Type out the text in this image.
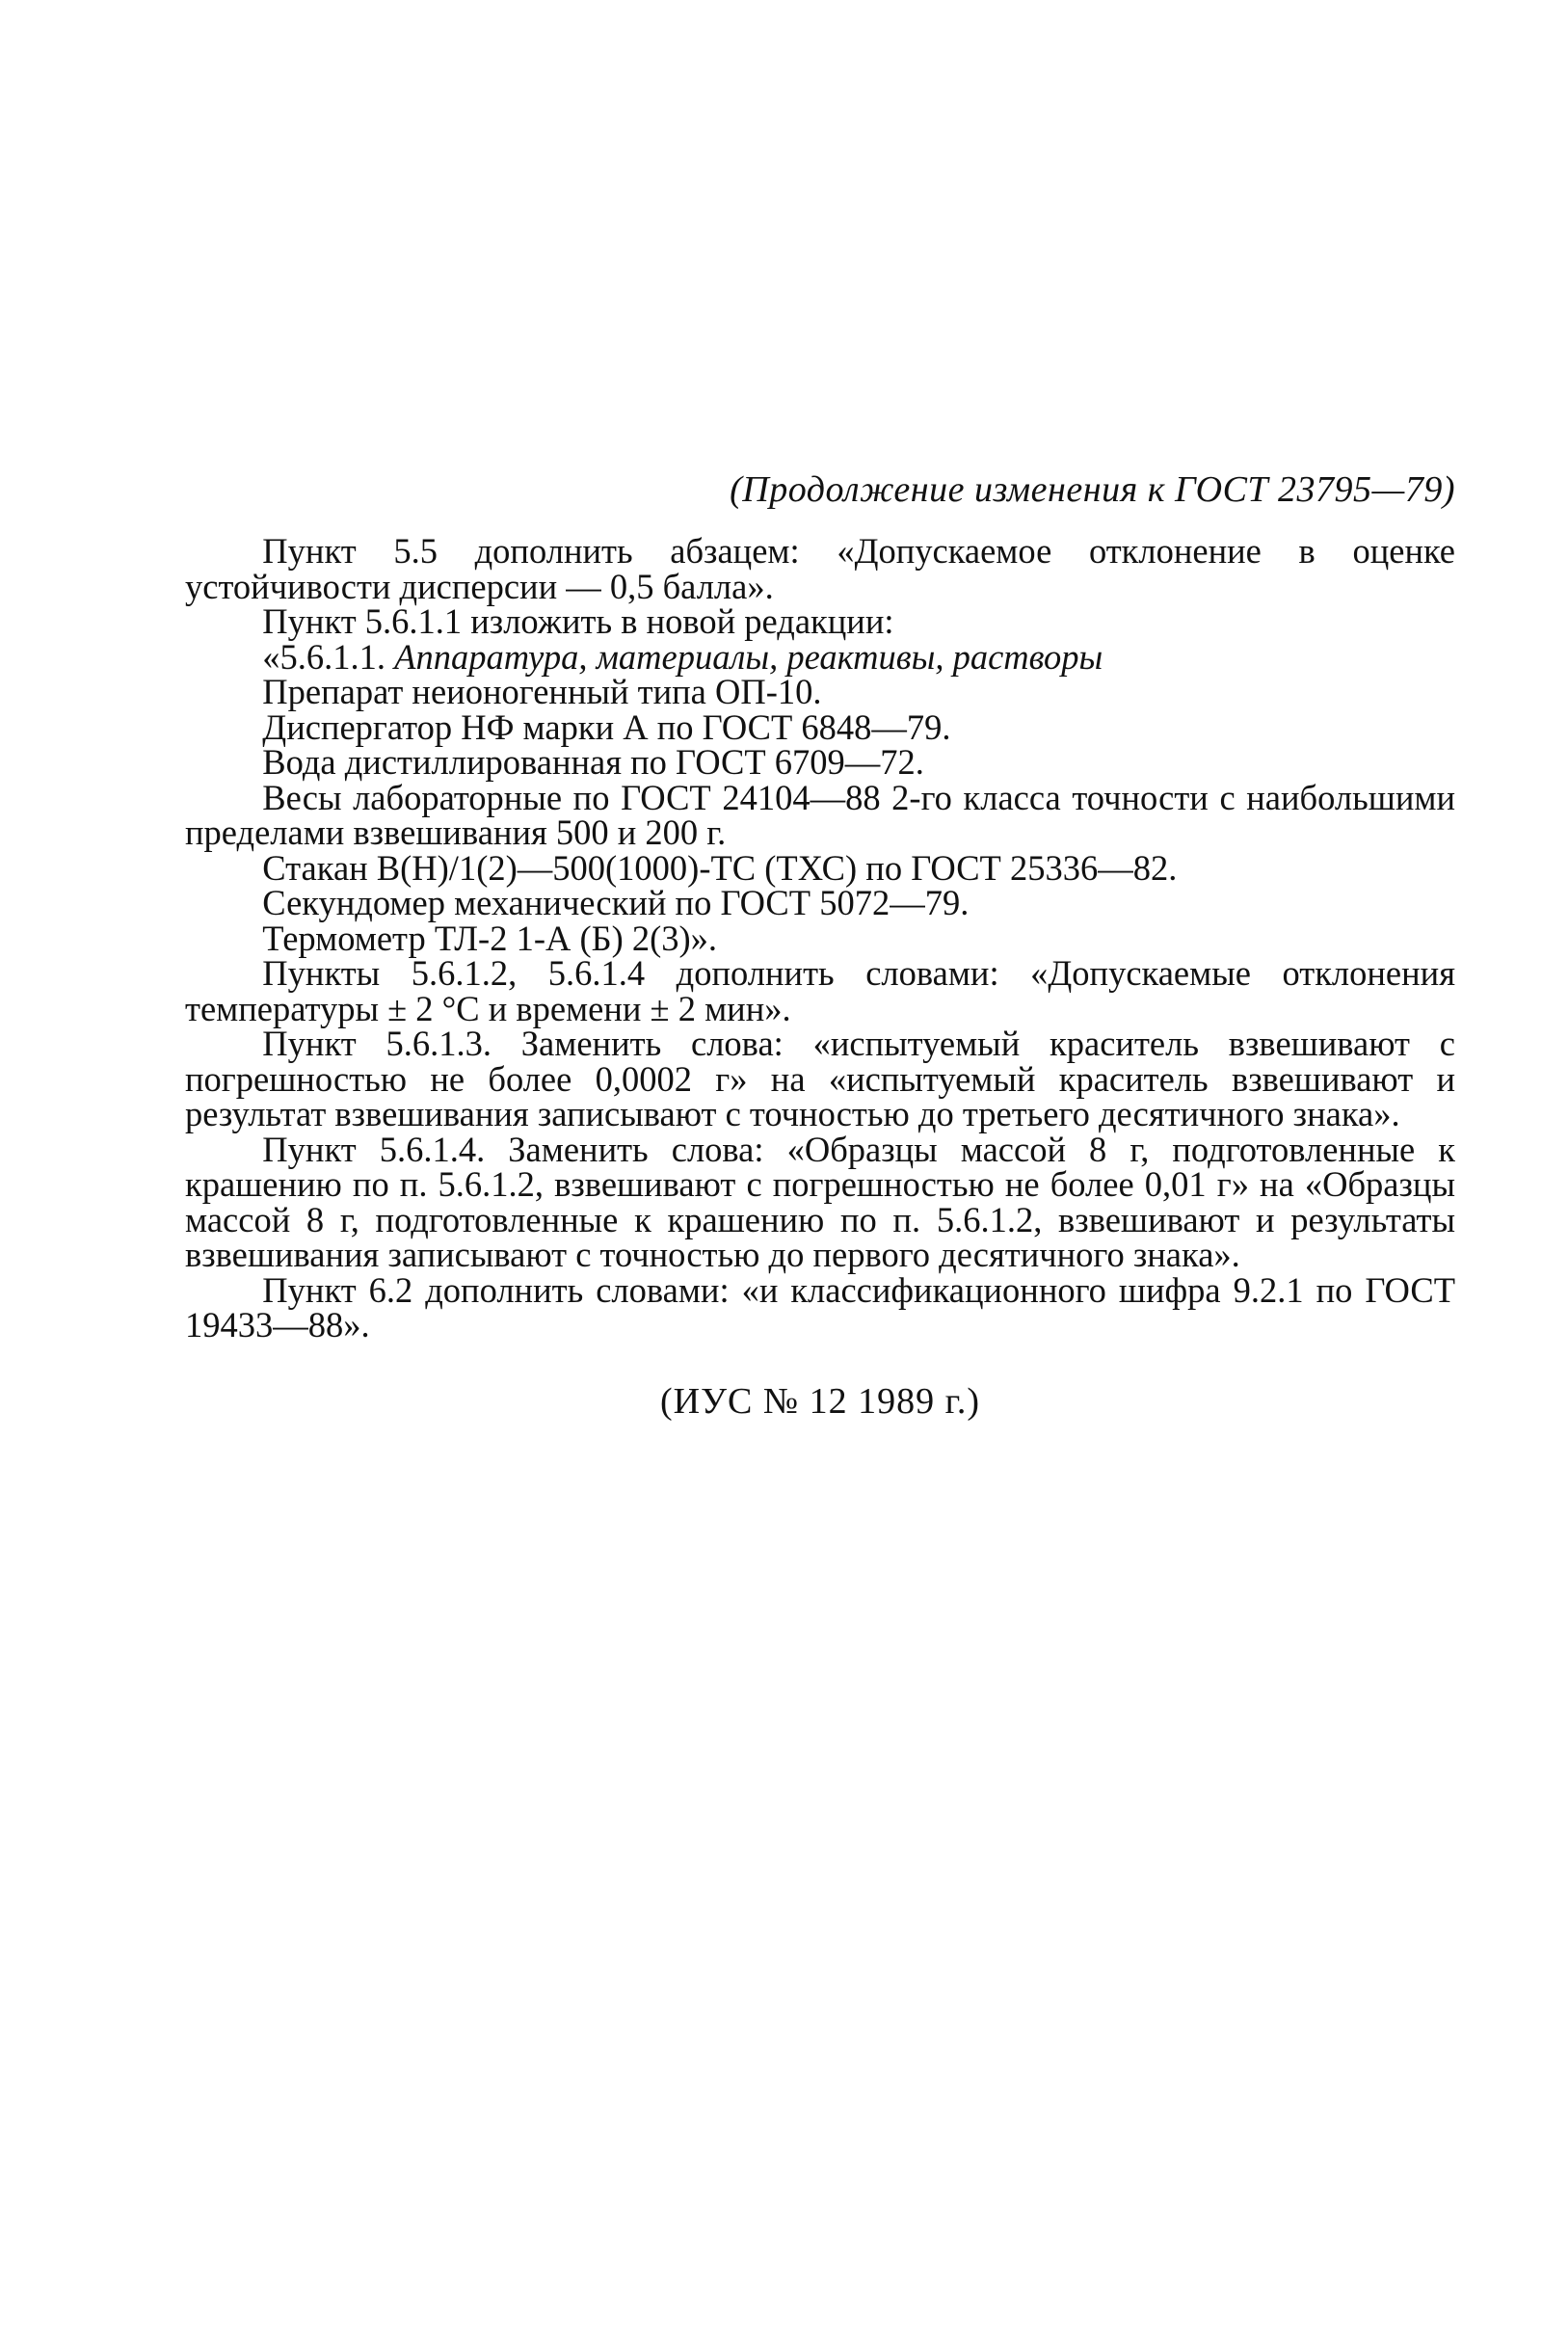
(Продолжение изменения к ГОСТ 23795—79)

Пункт 5.5 дополнить абзацем: «Допускаемое отклонение в оценке устойчивости дисперсии — 0,5 балла».

Пункт 5.6.1.1 изложить в новой редакции:

«5.6.1.1. Аппаратура, материалы, реактивы, растворы

Препарат неионогенный типа ОП-10.

Диспергатор НФ марки А по ГОСТ 6848—79.

Вода дистиллированная по ГОСТ 6709—72.

Весы лабораторные по ГОСТ 24104—88 2-го класса точности с наибольшими пределами взвешивания 500 и 200 г.

Стакан В(Н)/1(2)—500(1000)-ТС (ТХС) по ГОСТ 25336—82.

Секундомер механический по ГОСТ 5072—79.

Термометр ТЛ-2 1-А (Б) 2(3)».

Пункты 5.6.1.2, 5.6.1.4 дополнить словами: «Допускаемые отклонения температуры ± 2 °С и времени ± 2 мин».

Пункт 5.6.1.3. Заменить слова: «испытуемый краситель взвешивают с погрешностью не более 0,0002 г» на «испытуемый краситель взвешивают и результат взвешивания записывают с точностью до третьего десятичного знака».

Пункт 5.6.1.4. Заменить слова: «Образцы массой 8 г, подготовленные к крашению по п. 5.6.1.2, взвешивают с погрешностью не более 0,01 г» на «Образцы массой 8 г, подготовленные к крашению по п. 5.6.1.2, взвешивают и результаты взвешивания записывают с точностью до первого десятичного знака».

Пункт 6.2 дополнить словами: «и классификационного шифра 9.2.1 по ГОСТ 19433—88».

(ИУС № 12 1989 г.)
